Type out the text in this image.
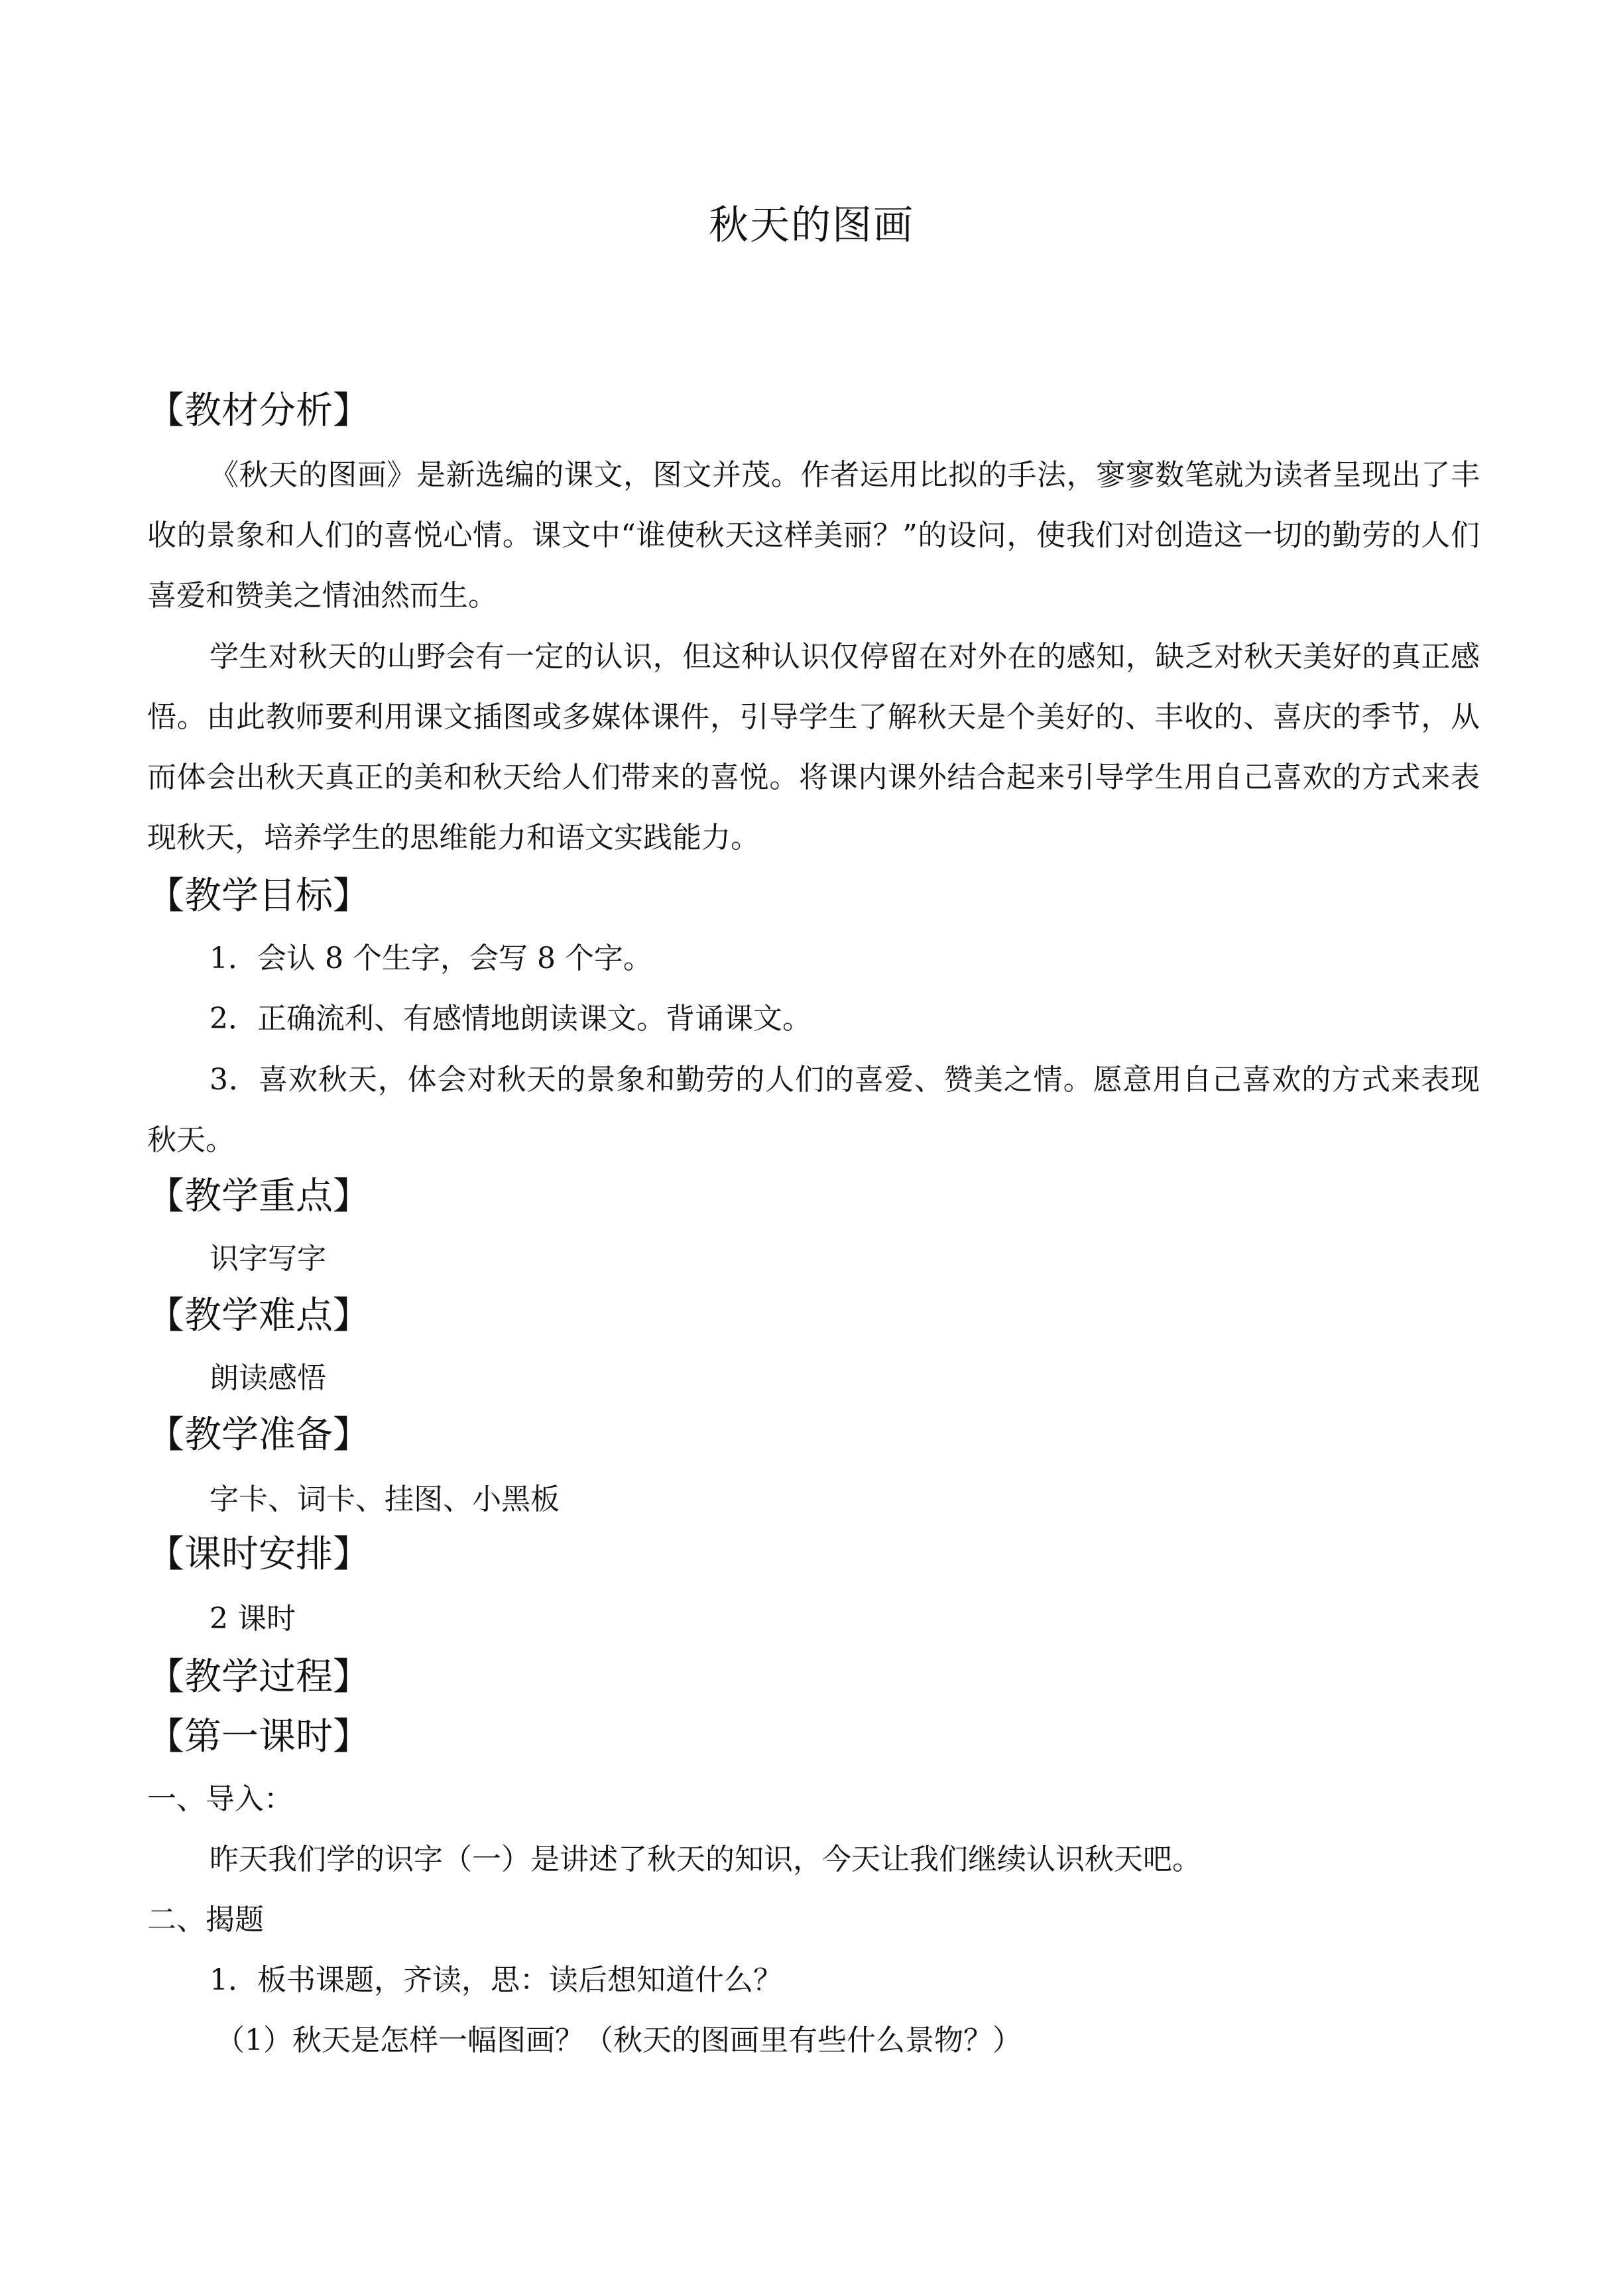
秋天的图画
【教材分析】

《秋天的图画》是新选编的课文，图文并茂。作者运用比拟的手法，寥寥数笔就为读者呈现出了丰收的景象和人们的喜悦心情。课文中“谁使秋天这样美丽？”的设问，使我们对创造这一切的勤劳的人们喜爱和赞美之情油然而生。

学生对秋天的山野会有一定的认识，但这种认识仅停留在对外在的感知，缺乏对秋天美好的真正感悟。由此教师要利用课文插图或多媒体课件，引导学生了解秋天是个美好的、丰收的、喜庆的季节，从而体会出秋天真正的美和秋天给人们带来的喜悦。将课内课外结合起来引导学生用自己喜欢的方式来表现秋天，培养学生的思维能力和语文实践能力。

【教学目标】
1．会认 8 个生字，会写 8 个字。
2．正确流利、有感情地朗读课文。背诵课文。

3．喜欢秋天，体会对秋天的景象和勤劳的人们的喜爱、赞美之情。愿意用自己喜欢的方式来表现秋天。

【教学重点】
识字写字
【教学难点】
朗读感悟
【教学准备】
字卡、词卡、挂图、小黑板
【课时安排】
2 课时
【教学过程】
【第一课时】
一、导入：
昨天我们学的识字（一）是讲述了秋天的知识，今天让我们继续认识秋天吧。
二、揭题
1．板书课题，齐读，思：读后想知道什么？
（1）秋天是怎样一幅图画？（秋天的图画里有些什么景物？）
